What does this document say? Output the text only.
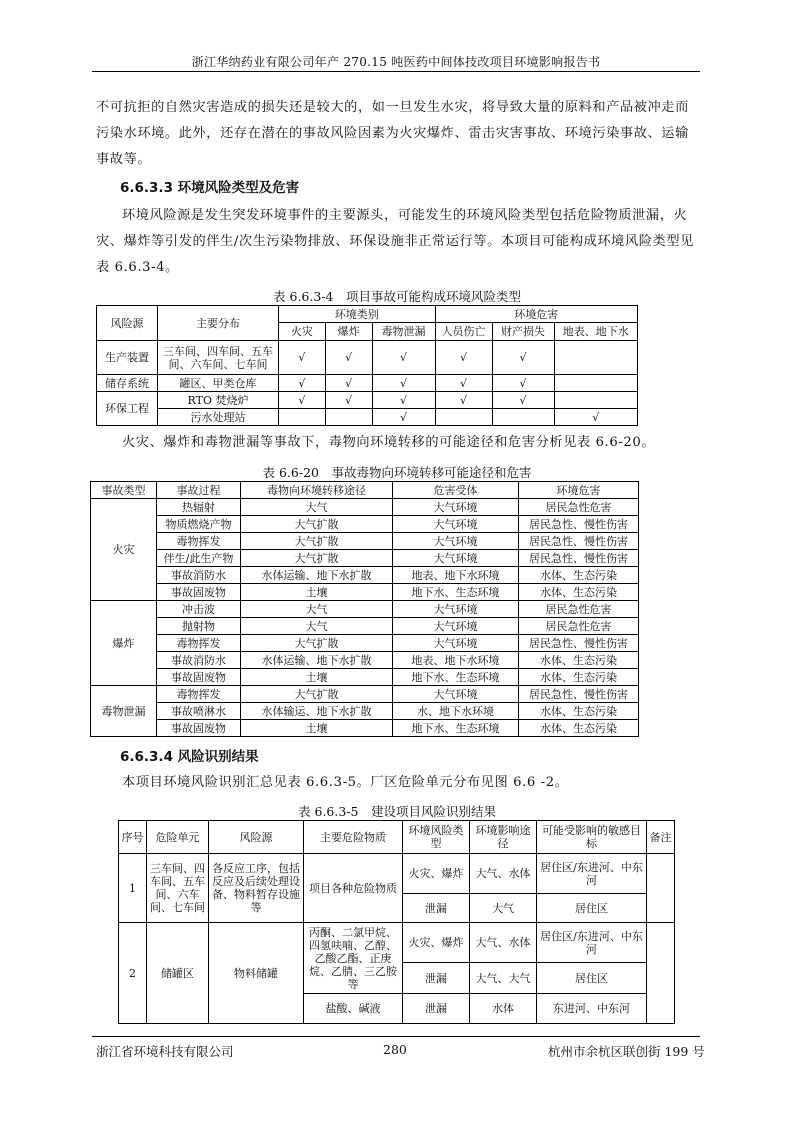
浙江华纳药业有限公司年产 270.15 吨医药中间体技改项目环境影响报告书
不可抗拒的自然灾害造成的损失还是较大的，如一旦发生水灾，将导致大量的原料和产品被冲走而
污染水环境。此外，还存在潜在的事故风险因素为火灾爆炸、雷击灾害事故、环境污染事故、运输
事故等。
6.6.3.3 环境风险类型及危害
环境风险源是发生突发环境事件的主要源头，可能发生的环境风险类型包括危险物质泄漏，火
灾、爆炸等引发的伴生/次生污染物排放、环保设施非正常运行等。本项目可能构成环境风险类型见
表 6.6.3-4。
表 6.6.3-4　项目事故可能构成环境风险类型
风险源	主要分布	环境类别			环境危害		
		火灾	爆炸	毒物泄漏	人员伤亡	财产损失	地表、地下水
生产装置	三车间、四车间、五车间、六车间、七车间	√	√	√	√	√	
储存系统	罐区、甲类仓库	√	√	√	√	√	
环保工程	RTO 焚烧炉	√	√	√	√	√	
	污水处理站			√			√
火灾、爆炸和毒物泄漏等事故下，毒物向环境转移的可能途径和危害分析见表 6.6-20。
表 6.6-20　事故毒物向环境转移可能途径和危害
事故类型	事故过程	毒物向环境转移途径	危害受体	环境危害
火灾	热辐射	大气	大气环境	居民急性危害
	物质燃烧产物	大气扩散	大气环境	居民急性、慢性伤害
	毒物挥发	大气扩散	大气环境	居民急性、慢性伤害
	伴生/此生产物	大气扩散	大气环境	居民急性、慢性伤害
	事故消防水	水体运输、地下水扩散	地表、地下水环境	水体、生态污染
	事故固废物	土壤	地下水、生态环境	水体、生态污染
爆炸	冲击波	大气	大气环境	居民急性危害
	抛射物	大气	大气环境	居民急性危害
	毒物挥发	大气扩散	大气环境	居民急性、慢性伤害
	事故消防水	水体运输、地下水扩散	地表、地下水环境	水体、生态污染
	事故固废物	土壤	地下水、生态环境	水体、生态污染
毒物泄漏	毒物挥发	大气扩散	大气环境	居民急性、慢性伤害
	事故喷淋水	水体输运、地下水扩散	水、地下水环境	水体、生态污染
	事故固废物	土壤	地下水、生态环境	水体、生态污染
6.6.3.4 风险识别结果
本项目环境风险识别汇总见表 6.6.3-5。厂区危险单元分布见图 6.6 -2。
表 6.6.3-5　建设项目风险识别结果
序号	危险单元	风险源	主要危险物质	环境风险类型	环境影响途径	可能受影响的敏感目标	备注
1	三车间、四车间、五车间、六车间、七车间	各反应工序，包括反应及后续处理设备、物料暂存设施等	项目各种危险物质	火灾、爆炸	大气、水体	居住区/东进河、中东河	
				泄漏	大气	居住区	
2	储罐区	物料储罐	丙酮、二氯甲烷、四氢呋喃、乙醇、乙酸乙酯、正庚烷、乙腈、三乙胺等	火灾、爆炸	大气、水体	居住区/东进河、中东河	
				泄漏	大气、大气	居住区	
			盐酸、碱液	泄漏	水体	东进河、中东河	
浙江省环境科技有限公司	280	杭州市余杭区联创街 199 号
